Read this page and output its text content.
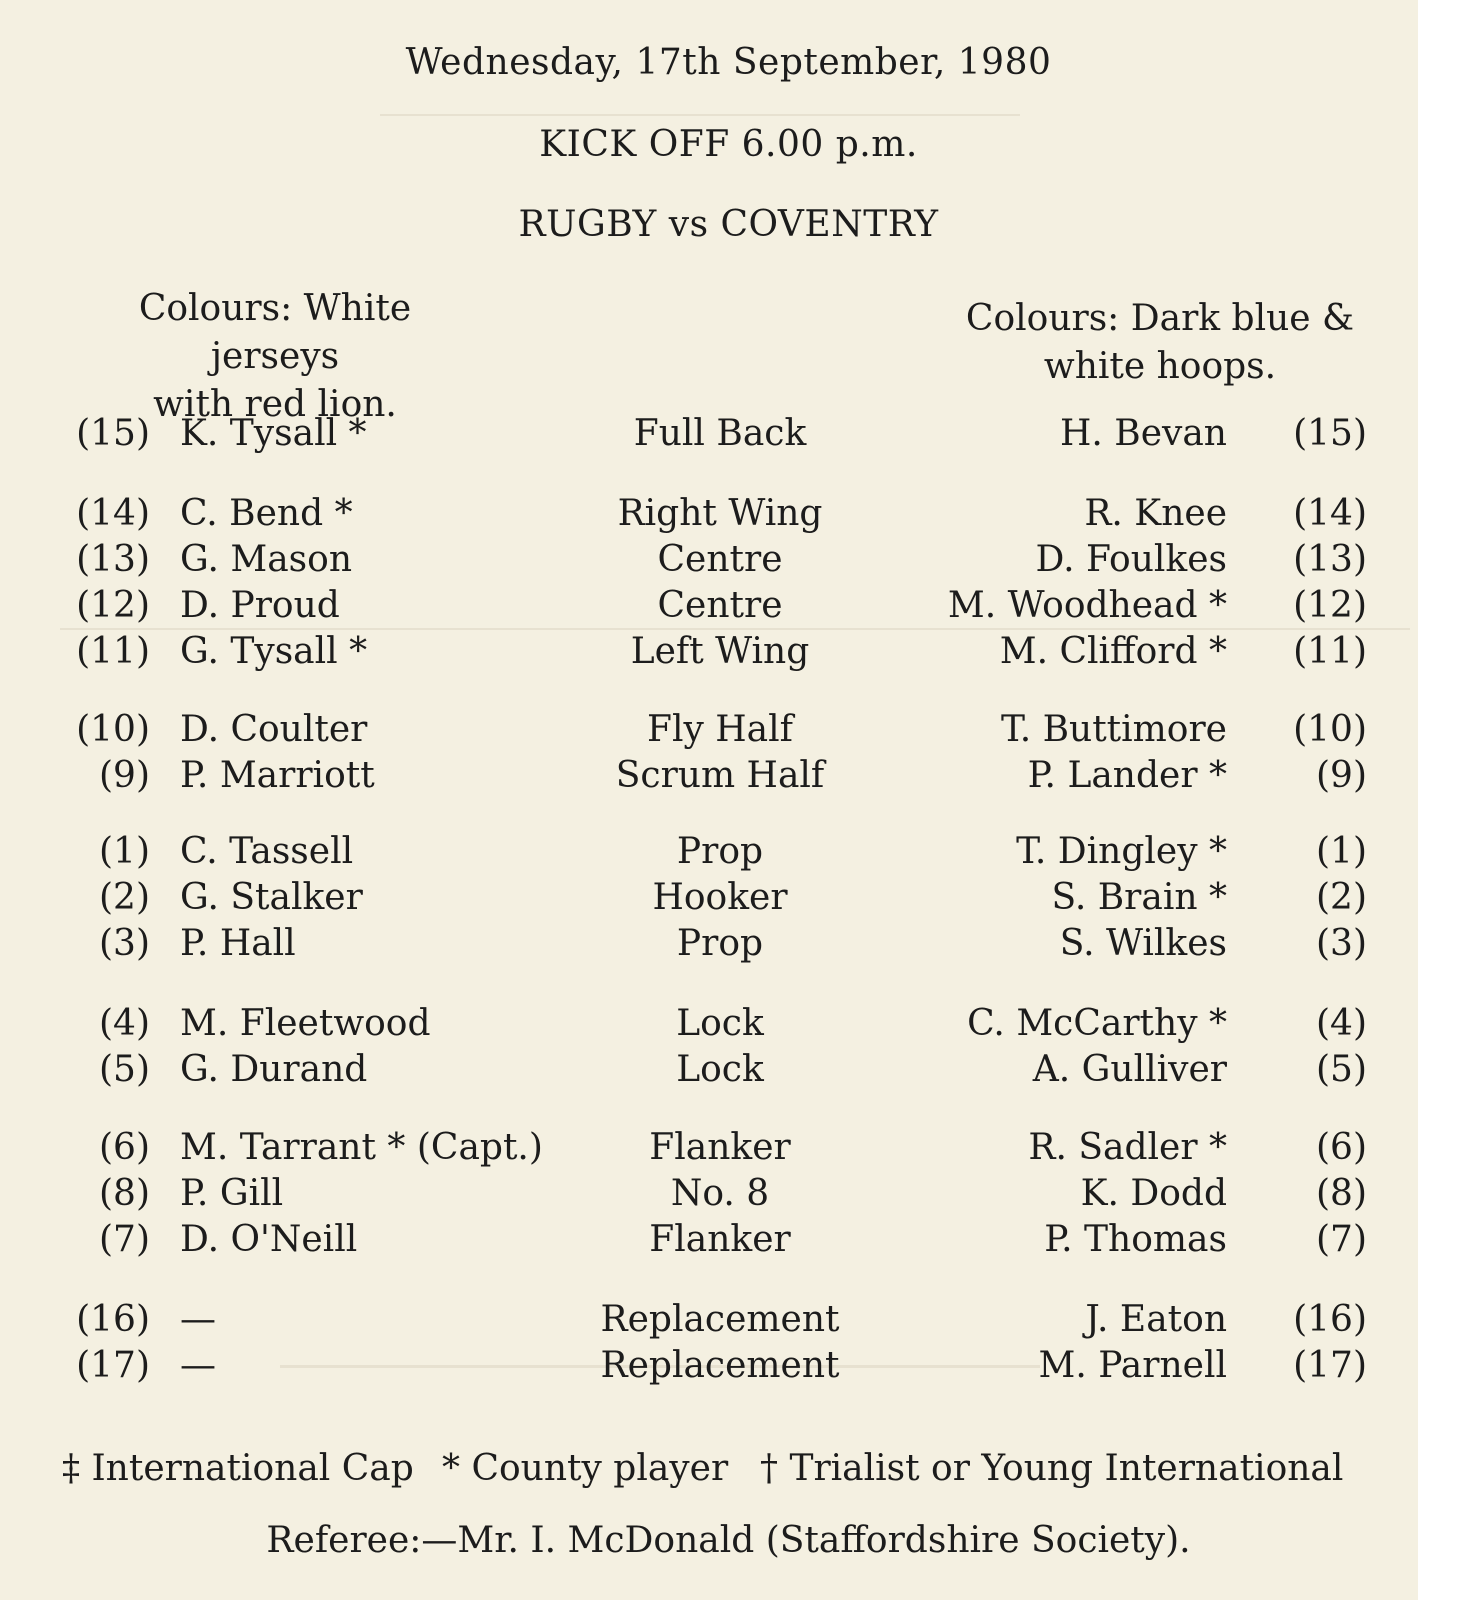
Wednesday, 17th September, 1980
KICK OFF 6.00 p.m.
RUGBY vs COVENTRY
Colours: White jerseys
with red lion.
Colours: Dark blue &
white hoops.
(15) K. Tysall *	Full Back	H. Bevan	(15)
(14) C. Bend *	Right Wing	R. Knee	(14)
(13) G. Mason	Centre	D. Foulkes	(13)
(12) D. Proud	Centre	M. Woodhead *	(12)
(11) G. Tysall *	Left Wing	M. Clifford *	(11)
(10) D. Coulter	Fly Half	T. Buttimore	(10)
(9) P. Marriott	Scrum Half	P. Lander *	(9)
(1) C. Tassell	Prop	T. Dingley *	(1)
(2) G. Stalker	Hooker	S. Brain *	(2)
(3) P. Hall	Prop	S. Wilkes	(3)
(4) M. Fleetwood	Lock	C. McCarthy *	(4)
(5) G. Durand	Lock	A. Gulliver	(5)
(6) M. Tarrant * (Capt.)	Flanker	R. Sadler *	(6)
(8) P. Gill	No. 8	K. Dodd	(8)
(7) D. O'Neill	Flanker	P. Thomas	(7)
(16) —	Replacement	J. Eaton	(16)
(17) —	Replacement	M. Parnell	(17)
‡ International Cap * County player † Trialist or Young International
Referee:—Mr. I. McDonald (Staffordshire Society).
